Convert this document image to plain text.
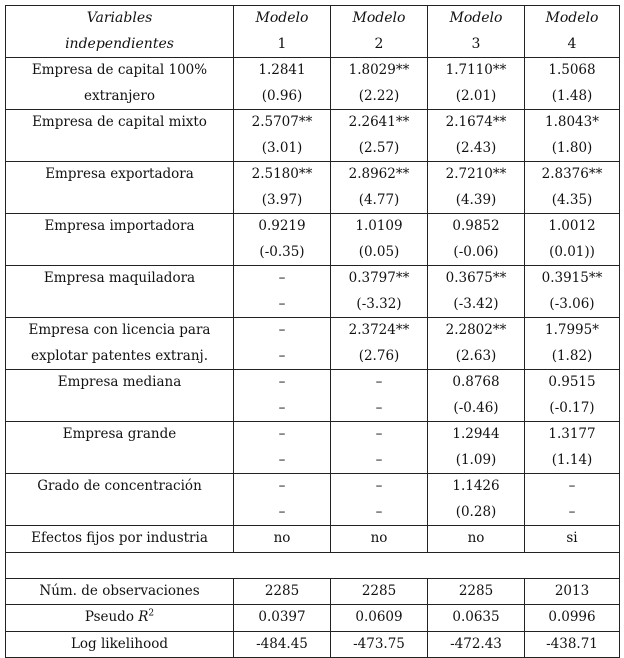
Variables	Modelo	Modelo	Modelo	Modelo
independientes	1	2	3	4
Empresa de capital 100%	1.2841	1.8029**	1.7110**	1.5068
extranjero	(0.96)	(2.22)	(2.01)	(1.48)
Empresa de capital mixto	2.5707**	2.2641**	2.1674**	1.8043*
	(3.01)	(2.57)	(2.43)	(1.80)
Empresa exportadora	2.5180**	2.8962**	2.7210**	2.8376**
	(3.97)	(4.77)	(4.39)	(4.35)
Empresa importadora	0.9219	1.0109	0.9852	1.0012
	(-0.35)	(0.05)	(-0.06)	(0.01))
Empresa maquiladora	–	0.3797**	0.3675**	0.3915**
	–	(-3.32)	(-3.42)	(-3.06)
Empresa con licencia para	–	2.3724**	2.2802**	1.7995*
explotar patentes extranj.	–	(2.76)	(2.63)	(1.82)
Empresa mediana	–	–	0.8768	0.9515
	–	–	(-0.46)	(-0.17)
Empresa grande	–	–	1.2944	1.3177
	–	–	(1.09)	(1.14)
Grado de concentración	–	–	1.1426	–
	–	–	(0.28)	–
Efectos fijos por industria	no	no	no	si

Núm. de observaciones	2285	2285	2285	2013
Pseudo $R^2$	0.0397	0.0609	0.0635	0.0996
Log likelihood	-484.45	-473.75	-472.43	-438.71
